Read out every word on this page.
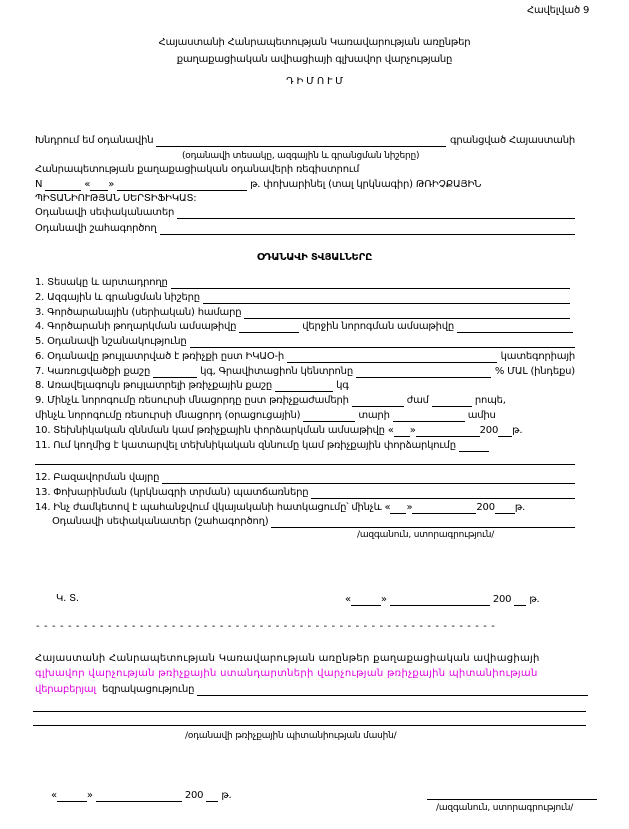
Հավելված 9
Հայաստանի Հանրապետության Կառավարության առընթեր
քաղաքացիական ավիացիայի գլխավոր վարչությանը
Դ Ի Մ Ո Ւ Մ
Խնդրում եմ օդանավին	գրանցված Հայաստանի
(օդանավի տեսակը, ազգային և գրանցման նիշերը)
Հանրապետության քաղաքացիական օդանավերի ռեգիստրում
N	« »	թ. փոխարինել (տալ կրկնագիր) ԹՌԻՉՔԱՅԻՆ
ՊԻՏԱՆԻՈՒԹՅԱՆ ՍԵՐՏԻՖԻԿԱՏ:
Օդանավի սեփականատեր
Օդանավի շահագործող
ՕԴԱՆԱՎԻ ՏՎՅԱԼՆԵՐԸ
1. Տեսակը և արտադրողը
2. Ազգային և գրանցման նիշերը
3. Գործարանային (սերիական) համարը
4. Գործարանի թողարկման ամսաթիվը	վերջին նորոգման ամսաթիվը
5. Օդանավի նշանակությունը
6. Օդանավը թույլատրված է թռիչքի ըստ ԻԿԱՕ-ի	կատեգորիայի
7. Կառուցվածքի քաշը	կգ, Գրավիտացիոն կենտրոնը	% ՄԱԼ (ինդեքս)
8. Առավելագույն թույլատրելի թռիչքային քաշը	կգ
9. Մինչև նորոգումը ռեսուրսի մնացորդը ըստ թռիչքաժամերի	ժամ	րոպե,
մինչև նորոգումը ռեսուրսի մնացորդ (օրացուցային)	տարի	ամիս
10. Տեխնիկական զննման կամ թռիչքային փորձարկման ամսաթիվը « »	200 թ.
11. Ում կողմից է կատարվել տեխնիկական զննումը կամ թռիչքային փորձարկումը
12. Բազավորման վայրը
13. Փոխարինման (կրկնագրի տրման) պատճառները
14. Ինչ ժամկետով է պահանջվում վկայականի հատկացումը՝ մինչև « »	200 թ.
Օդանավի սեփականատեր (շահագործող)
/ազգանուն, ստորագրություն/
Կ. Տ.	«	»	200 թ.
- - - - - - - - - - - - - - - - - - - - - - - - - - - - - - - - - - - - - - - - - - - - - - - - - - - - - - - - - -
Հայաստանի Հանրապետության Կառավարության առընթեր քաղաքացիական ավիացիայի
գլխավոր վարչության թռիչքային ստանդարտների վարչության թռիչքային պիտանիության
վերաբերյալ եզրակացությունը
/օդանավի թռիչքային պիտանիության մասին/
«	»	200 թ.
/ազգանուն, ստորագրություն/
